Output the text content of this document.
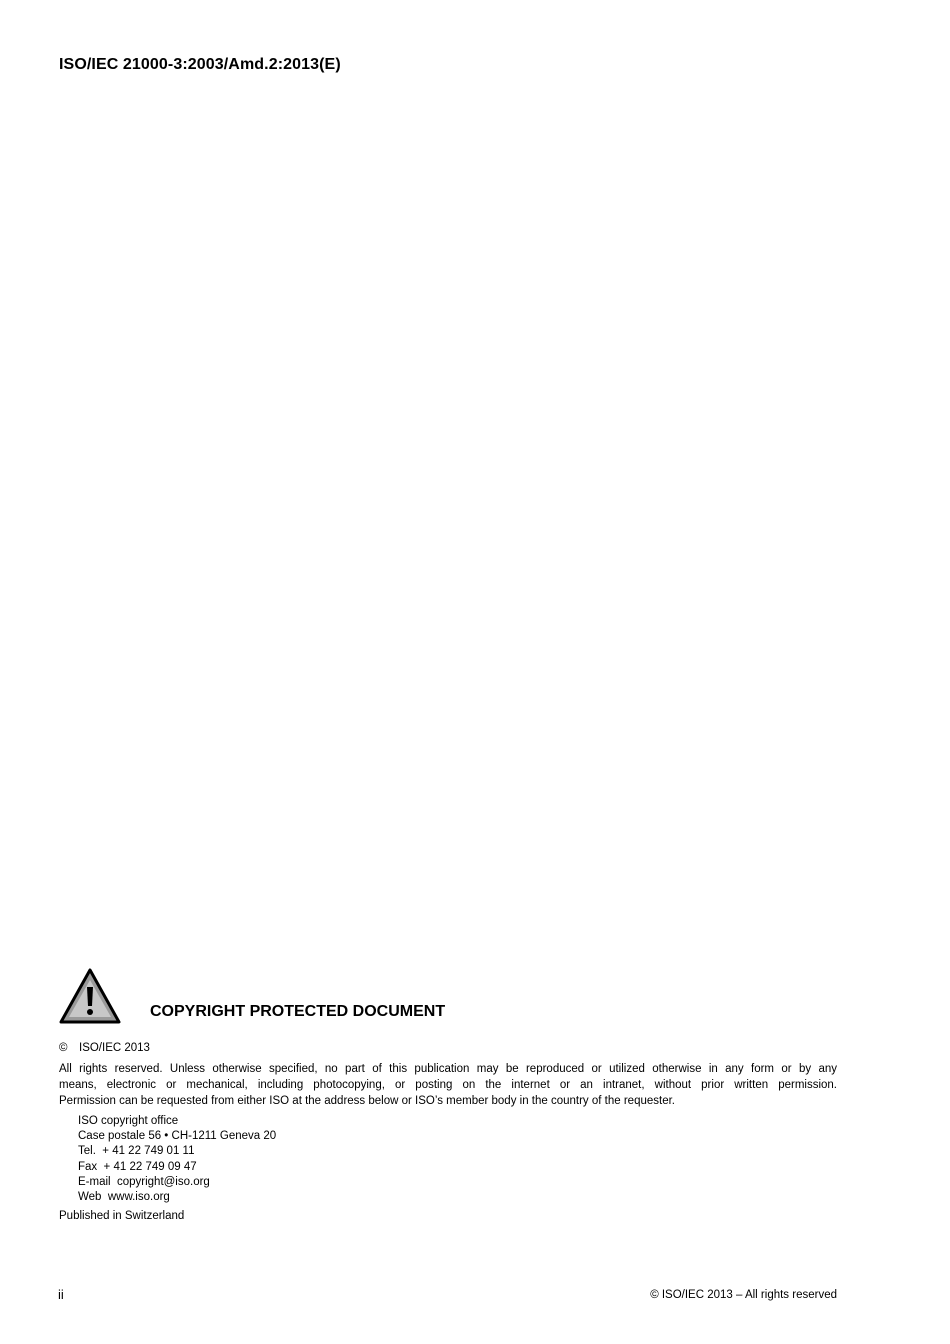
ISO/IEC 21000-3:2003/Amd.2:2013(E)
COPYRIGHT PROTECTED DOCUMENT
© ISO/IEC 2013
All rights reserved. Unless otherwise specified, no part of this publication may be reproduced or utilized otherwise in any form or by any
means, electronic or mechanical, including photocopying, or posting on the internet or an intranet, without prior written permission.
Permission can be requested from either ISO at the address below or ISO’s member body in the country of the requester.
ISO copyright office
Case postale 56 • CH-1211 Geneva 20
Tel.  + 41 22 749 01 11
Fax  + 41 22 749 09 47
E-mail  copyright@iso.org
Web  www.iso.org
Published in Switzerland
ii	© ISO/IEC 2013 – All rights reserved
